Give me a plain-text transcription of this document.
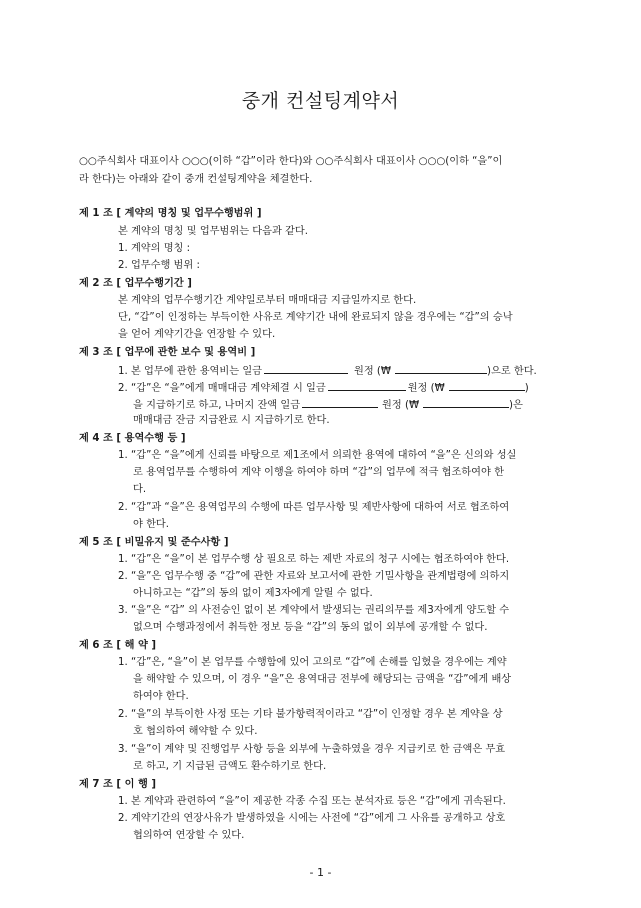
중개 컨설팅계약서
○○주식회사 대표이사 ○○○(이하 “갑”이라 한다)와 ○○주식회사 대표이사 ○○○(이하 “을”이
라 한다)는 아래와 같이 중개 컨설팅계약을 체결한다.
제 1 조 [ 계약의 명칭 및 업무수행범위 ]
본 계약의 명칭 및 업무범위는 다음과 같다.
1. 계약의 명칭 :
2. 업무수행 범위 :
제 2 조 [ 업무수행기간 ]
본 계약의 업무수행기간 계약일로부터 매매대금 지급일까지로 한다.
단, “갑”이 인정하는 부득이한 사유로 계약기간 내에 완료되지 않을 경우에는 “갑”의 승낙
을 얻어 계약기간을 연장할 수 있다.
제 3 조 [ 업무에 관한 보수 및 용역비 ]
1. 본 업무에 관한 용역비는 일금	원정 (₩	)으로 한다.
2. “갑”은 “을”에게 매매대금 계약체결 시 일금	원정 (₩	)
을 지급하기로 하고, 나머지 잔액 일금	원정 (₩	)은
매매대금 잔금 지급완료 시 지급하기로 한다.
제 4 조 [ 용역수행 등 ]
1. “갑”은 “을”에게 신뢰를 바탕으로 제1조에서 의뢰한 용역에 대하여 “을”은 신의와 성실
로 용역업무를 수행하여 계약 이행을 하여야 하며 “갑”의 업무에 적극 협조하여야 한
다.
2. “갑”과 “을”은 용역업무의 수행에 따른 업무사항 및 제반사항에 대하여 서로 협조하여
야 한다.
제 5 조 [ 비밀유지 및 준수사항 ]
1. “갑”은 “을”이 본 업무수행 상 필요로 하는 제반 자료의 청구 시에는 협조하여야 한다.
2. “을”은 업무수행 중 “갑”에 관한 자료와 보고서에 관한 기밀사항을 관계법령에 의하지
아니하고는 “갑”의 동의 없이 제3자에게 알릴 수 없다.
3. “을”은 “갑” 의 사전승인 없이 본 계약에서 발생되는 권리의무를 제3자에게 양도할 수
없으며 수행과정에서 취득한 정보 등을 “갑”의 동의 없이 외부에 공개할 수 없다.
제 6 조 [ 해 약 ]
1. “갑”은, “을”이 본 업무를 수행함에 있어 고의로 “갑”에 손해를 입혔을 경우에는 계약
을 해약할 수 있으며, 이 경우 “을”은 용역대금 전부에 해당되는 금액을 “갑”에게 배상
하여야 한다.
2. “을”의 부득이한 사정 또는 기타 불가항력적이라고 “갑”이 인정할 경우 본 계약을 상
호 협의하여 해약할 수 있다.
3. “을”이 계약 및 진행업무 사항 등을 외부에 누출하였을 경우 지급키로 한 금액은 무효
로 하고, 기 지급된 금액도 환수하기로 한다.
제 7 조 [ 이 행 ]
1. 본 계약과 관련하여 “을”이 제공한 각종 수집 또는 분석자료 등은 “갑”에게 귀속된다.
2. 계약기간의 연장사유가 발생하였을 시에는 사전에 “갑”에게 그 사유를 공개하고 상호
협의하여 연장할 수 있다.
- 1 -
